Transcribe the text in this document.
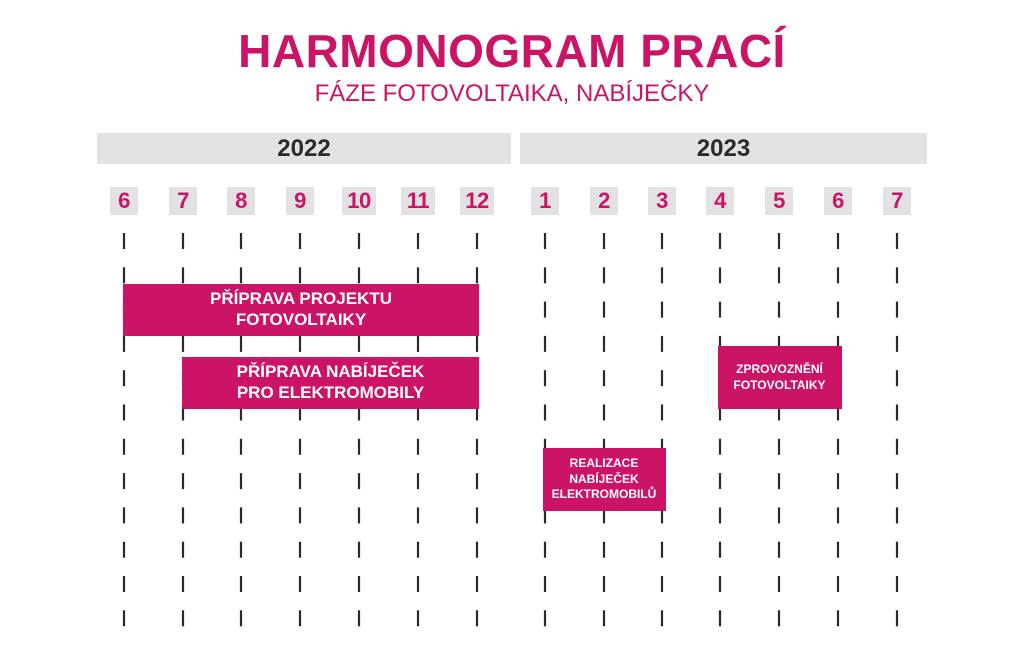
HARMONOGRAM PRACÍ
FÁZE FOTOVOLTAIKA, NABÍJEČKY
2022
6	7	8	9	10 11 12
2023
1	2	3	4	5	6	7
PŘÍPRAVA PROJEKTU
FOTOVOLTAIKY
PŘÍPRAVA NABÍJEČEK
PRO ELEKTROMOBILY
ZPROVOZNĚNÍ
FOTOVOLTAIKY
REALIZACE
NABÍJEČEK
ELEKTROMOBILŮ
